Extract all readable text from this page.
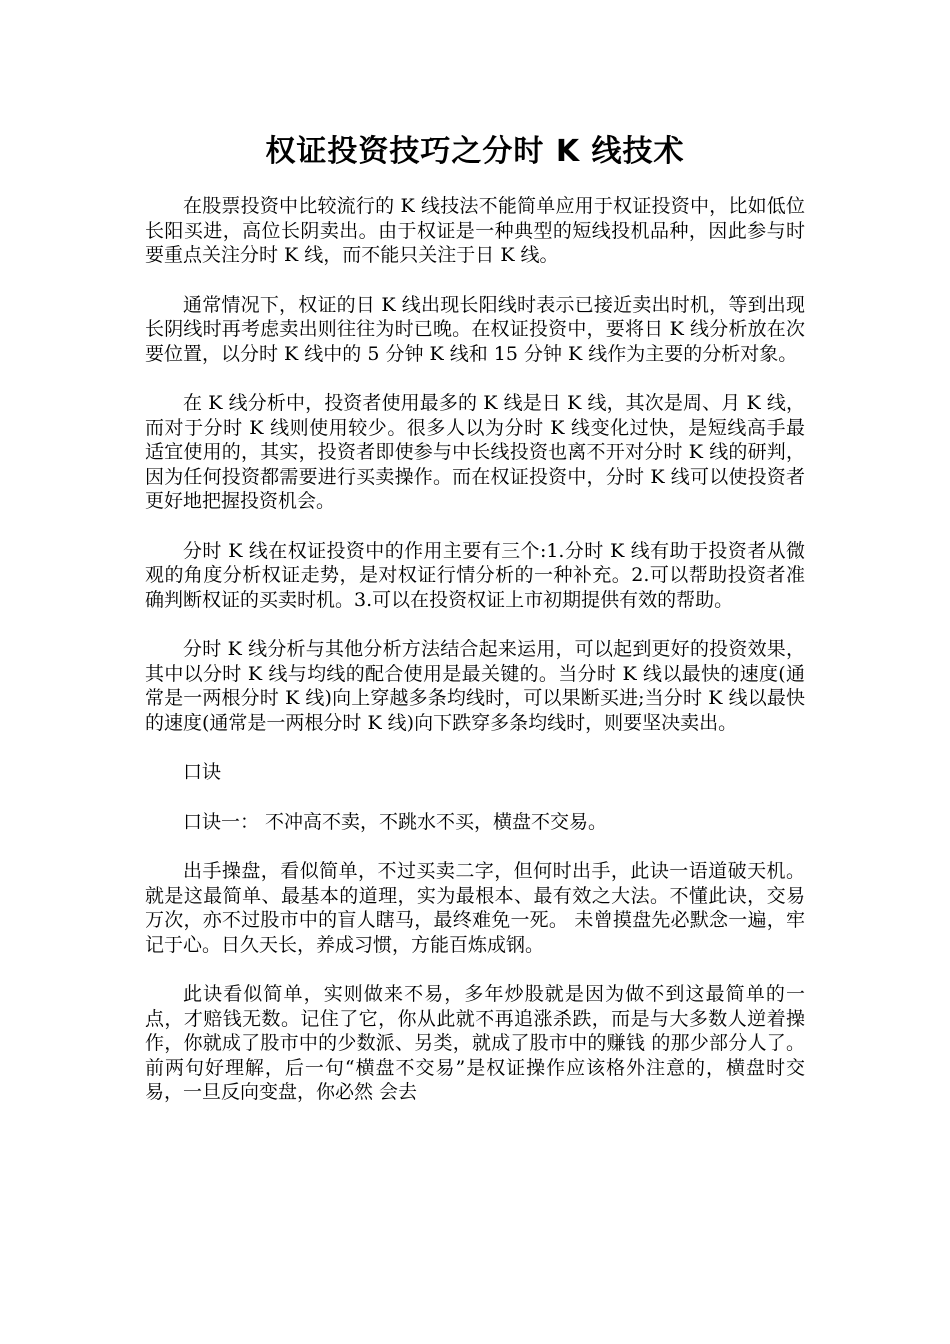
权证投资技巧之分时 K 线技术

在股票投资中比较流行的 K 线技法不能简单应用于权证投资中，比如低位长阳买进，高位长阴卖出。由于权证是一种典型的短线投机品种，因此参与时要重点关注分时 K 线，而不能只关注于日 K 线。

通常情况下，权证的日 K 线出现长阳线时表示已接近卖出时机，等到出现长阴线时再考虑卖出则往往为时已晚。在权证投资中，要将日 K 线分析放在次要位置，以分时 K 线中的 5 分钟 K 线和 15 分钟 K 线作为主要的分析对象。

在 K 线分析中，投资者使用最多的 K 线是日 K 线，其次是周、月 K 线，而对于分时 K 线则使用较少。很多人以为分时 K 线变化过快，是短线高手最适宜使用的，其实，投资者即使参与中长线投资也离不开对分时 K 线的研判，因为任何投资都需要进行买卖操作。而在权证投资中，分时 K 线可以使投资者更好地把握投资机会。

分时 K 线在权证投资中的作用主要有三个:1.分时 K 线有助于投资者从微观的角度分析权证走势，是对权证行情分析的一种补充。2.可以帮助投资者准确判断权证的买卖时机。3.可以在投资权证上市初期提供有效的帮助。

分时 K 线分析与其他分析方法结合起来运用，可以起到更好的投资效果，其中以分时 K 线与均线的配合使用是最关键的。当分时 K 线以最快的速度(通常是一两根分时 K 线)向上穿越多条均线时，可以果断买进;当分时 K 线以最快的速度(通常是一两根分时 K 线)向下跌穿多条均线时，则要坚决卖出。

口诀

口诀一： 不冲高不卖，不跳水不买，横盘不交易。

出手操盘，看似简单，不过买卖二字，但何时出手，此诀一语道破天机。就是这最简单、最基本的道理，实为最根本、最有效之大法。不懂此诀，交易万次，亦不过股市中的盲人瞎马，最终难免一死。 未曾摸盘先必默念一遍，牢记于心。日久天长，养成习惯，方能百炼成钢。

此诀看似简单，实则做来不易，多年炒股就是因为做不到这最简单的一点，才赔钱无数。记住了它，你从此就不再追涨杀跌，而是与大多数人逆着操作，你就成了股市中的少数派、另类，就成了股市中的赚钱 的那少部分人了。 前两句好理解，后一句“横盘不交易”是权证操作应该格外注意的，横盘时交易，一旦反向变盘，你必然 会去
